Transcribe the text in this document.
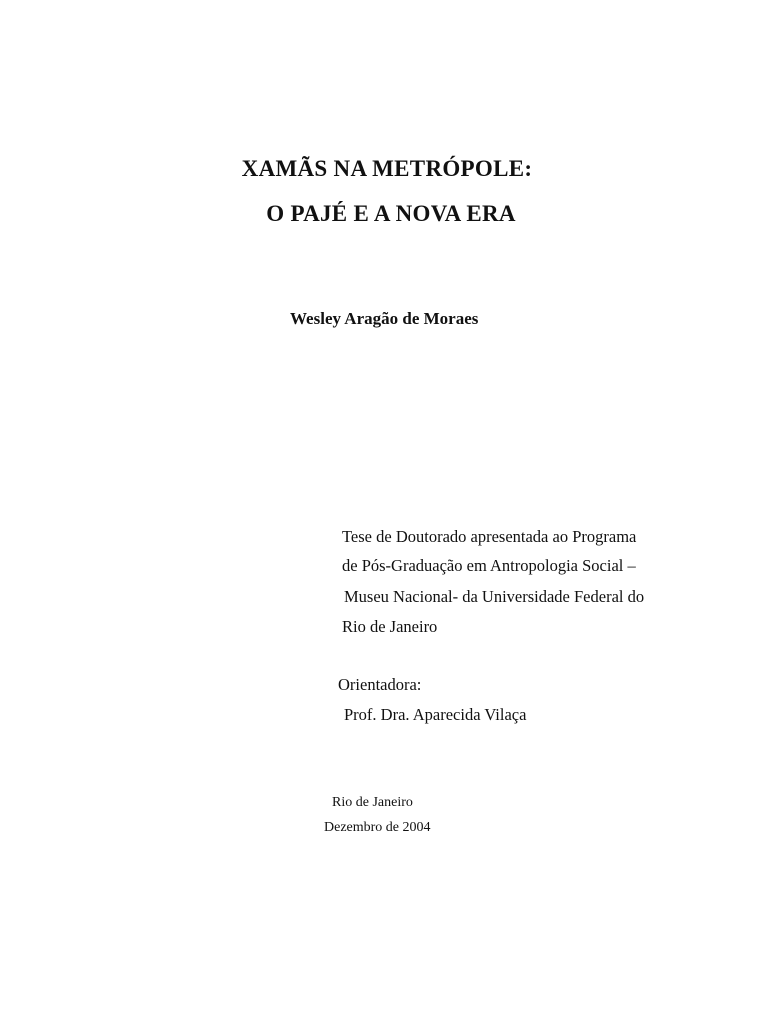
XAMÃS NA METRÓPOLE:
O PAJÉ E A NOVA ERA
Wesley Aragão de Moraes
Tese de Doutorado apresentada ao Programa
de Pós-Graduação em Antropologia Social –
Museu Nacional- da Universidade Federal do
Rio de Janeiro
Orientadora:
Prof. Dra. Aparecida Vilaça
Rio de Janeiro
Dezembro de 2004
